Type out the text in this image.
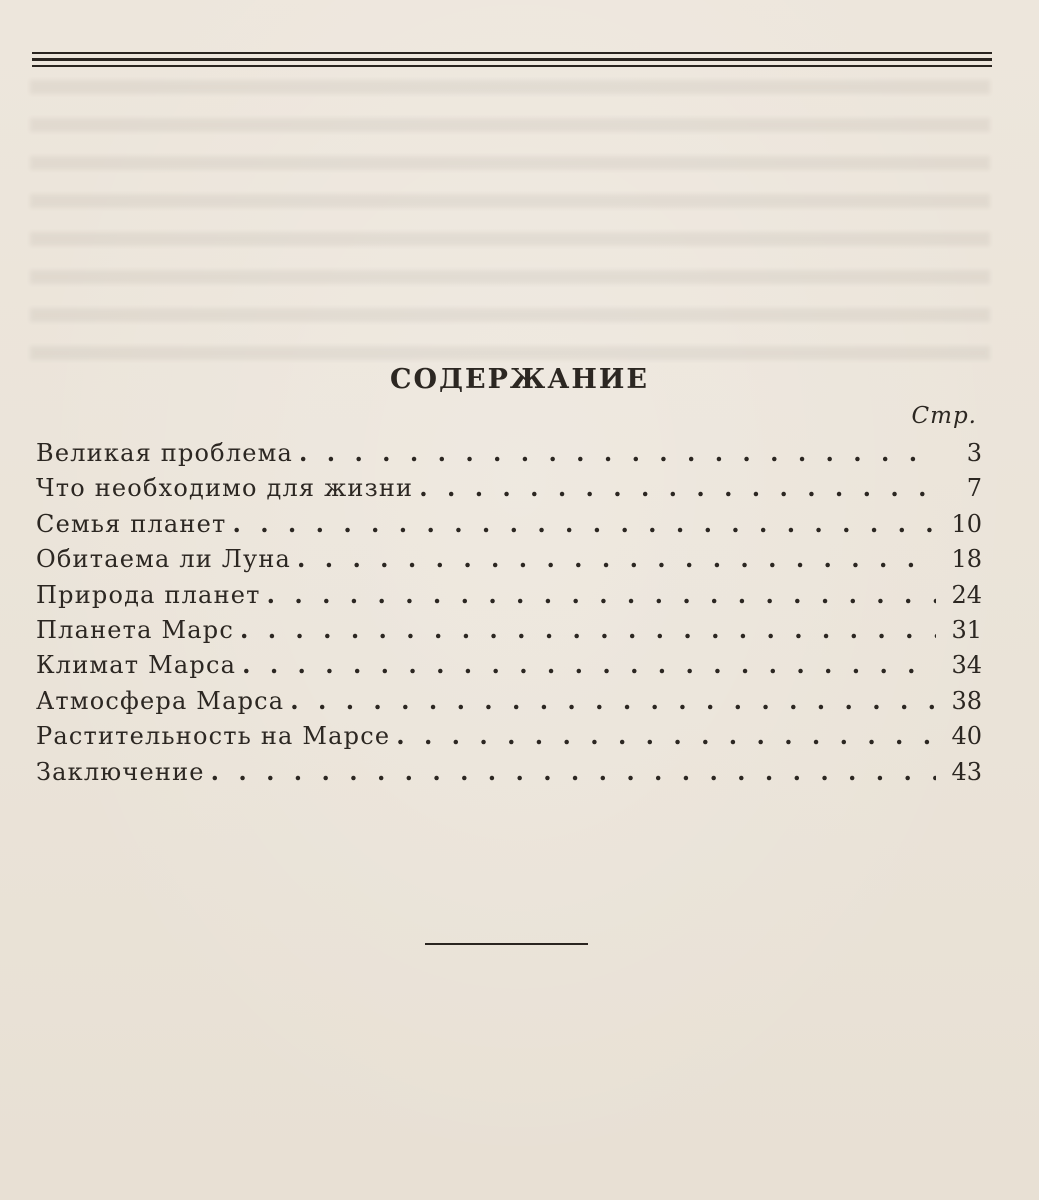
СОДЕРЖАНИЕ
Стр.
Великая проблема . . .	3
Что необходимо для жизни . . .	7
Семья планет . . .	10
Обитаема ли Луна . . .	18
Природа планет . . .	24
Планета Марс . . .	31
Климат Марса . . .	34
Атмосфера Марса . . .	38
Растительность на Марсе . . .	40
Заключение . . .	43
